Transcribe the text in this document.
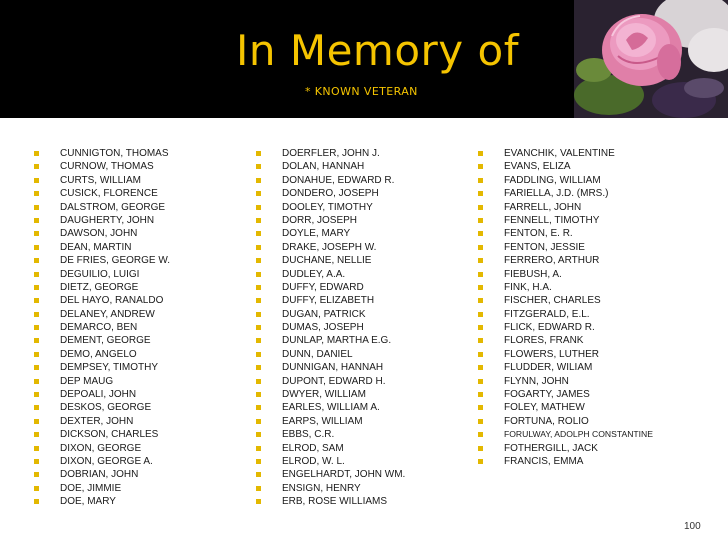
In Memory of
* KNOWN VETERAN
CUNNIGTON, THOMAS
CURNOW, THOMAS
CURTS, WILLIAM
CUSICK, FLORENCE
DALSTROM, GEORGE
DAUGHERTY, JOHN
DAWSON, JOHN
DEAN, MARTIN
DE FRIES, GEORGE W.
DEGUILIO, LUIGI
DIETZ, GEORGE
DEL HAYO, RANALDO
DELANEY, ANDREW
DEMARCO, BEN
DEMENT, GEORGE
DEMO, ANGELO
DEMPSEY, TIMOTHY
DEP MAUG
DEPOALI, JOHN
DESKOS, GEORGE
DEXTER, JOHN
DICKSON, CHARLES
DIXON, GEORGE
DIXON, GEORGE A.
DOBRIAN, JOHN
DOE, JIMMIE
DOE, MARY
DOERFLER, JOHN J.
DOLAN, HANNAH
DONAHUE, EDWARD R.
DONDERO, JOSEPH
DOOLEY, TIMOTHY
DORR, JOSEPH
DOYLE, MARY
DRAKE, JOSEPH W.
DUCHANE, NELLIE
DUDLEY, A.A.
DUFFY, EDWARD
DUFFY, ELIZABETH
DUGAN, PATRICK
DUMAS, JOSEPH
DUNLAP, MARTHA E.G.
DUNN, DANIEL
DUNNIGAN, HANNAH
DUPONT, EDWARD H.
DWYER, WILLIAM
EARLES, WILLIAM A.
EARPS, WILLIAM
EBBS, C.R.
ELROD, SAM
ELROD, W. L.
ENGELHARDT, JOHN WM.
ENSIGN, HENRY
ERB, ROSE WILLIAMS
EVANCHIK, VALENTINE
EVANS, ELIZA
FADDLING, WILLIAM
FARIELLA, J.D. (MRS.)
FARRELL, JOHN
FENNELL, TIMOTHY
FENTON, E. R.
FENTON, JESSIE
FERRERO, ARTHUR
FIEBUSH, A.
FINK, H.A.
FISCHER, CHARLES
FITZGERALD, E.L.
FLICK, EDWARD R.
FLORES, FRANK
FLOWERS, LUTHER
FLUDDER, WILIAM
FLYNN, JOHN
FOGARTY, JAMES
FOLEY, MATHEW
FORTUNA, ROLIO
FORULWAY, ADOLPH CONSTANTINE
FOTHERGILL, JACK
FRANCIS, EMMA
100
